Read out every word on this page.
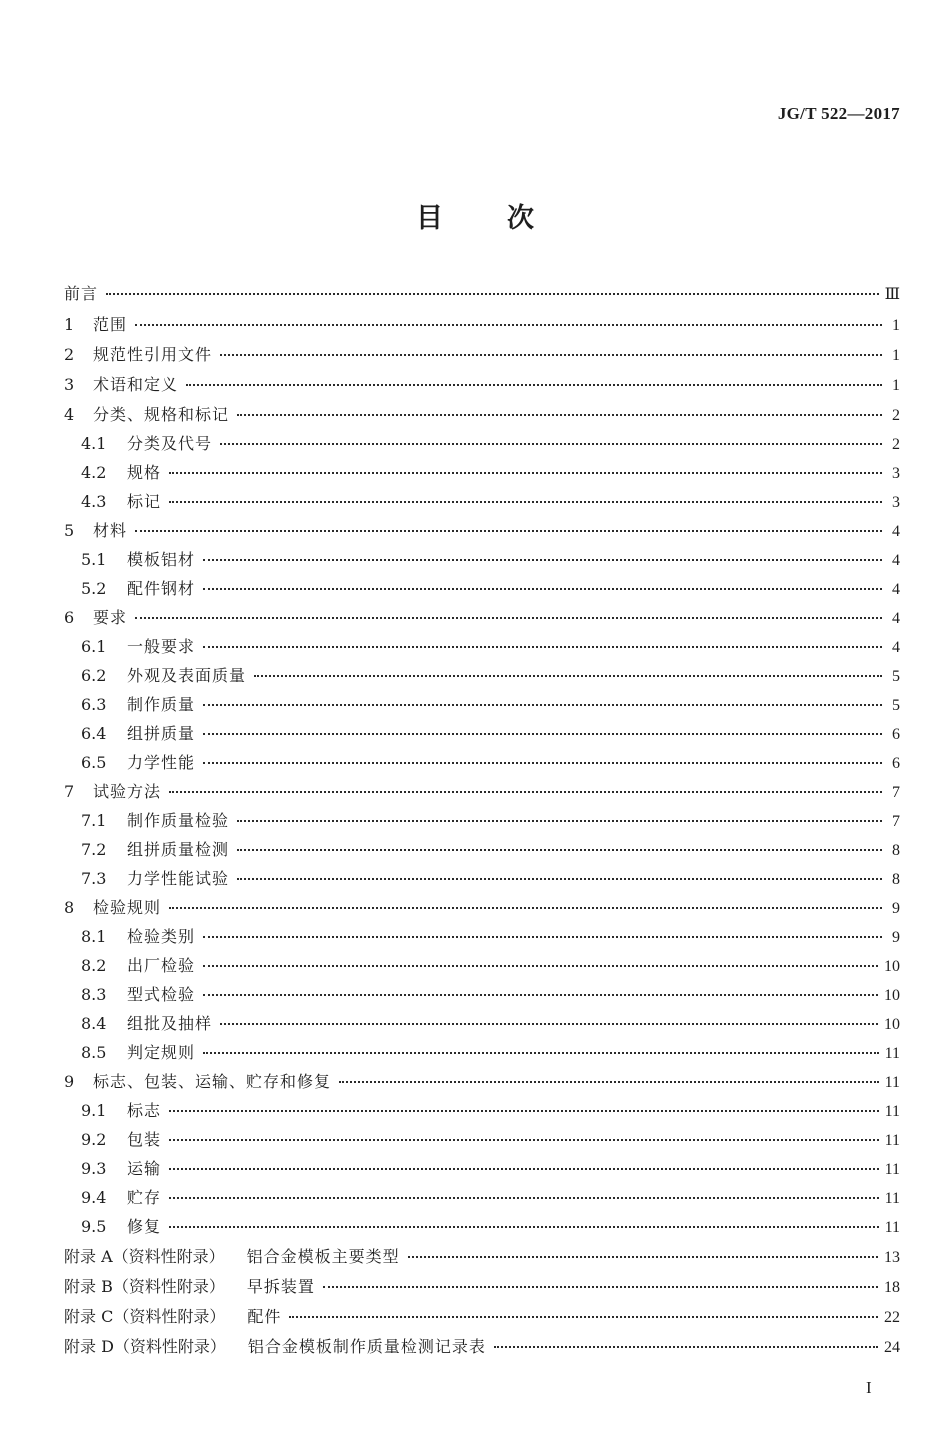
JG/T 522—2017
目 次
前言	Ⅲ
1	范围	1
2	规范性引用文件	1
3	术语和定义	1
4	分类、规格和标记	2
4.1	分类及代号	2
4.2	规格	3
4.3	标记	3
5	材料	4
5.1	模板铝材	4
5.2	配件钢材	4
6	要求	4
6.1	一般要求	4
6.2	外观及表面质量	5
6.3	制作质量	5
6.4	组拼质量	6
6.5	力学性能	6
7	试验方法	7
7.1	制作质量检验	7
7.2	组拼质量检测	8
7.3	力学性能试验	8
8	检验规则	9
8.1	检验类别	9
8.2	出厂检验	10
8.3	型式检验	10
8.4	组批及抽样	10
8.5	判定规则	11
9	标志、包装、运输、贮存和修复	11
9.1	标志	11
9.2	包装	11
9.3	运输	11
9.4	贮存	11
9.5	修复	11
附录 A（资料性附录） 铝合金模板主要类型	13
附录 B（资料性附录） 早拆装置	18
附录 C（资料性附录） 配件	22
附录 D（资料性附录） 铝合金模板制作质量检测记录表	24
I
